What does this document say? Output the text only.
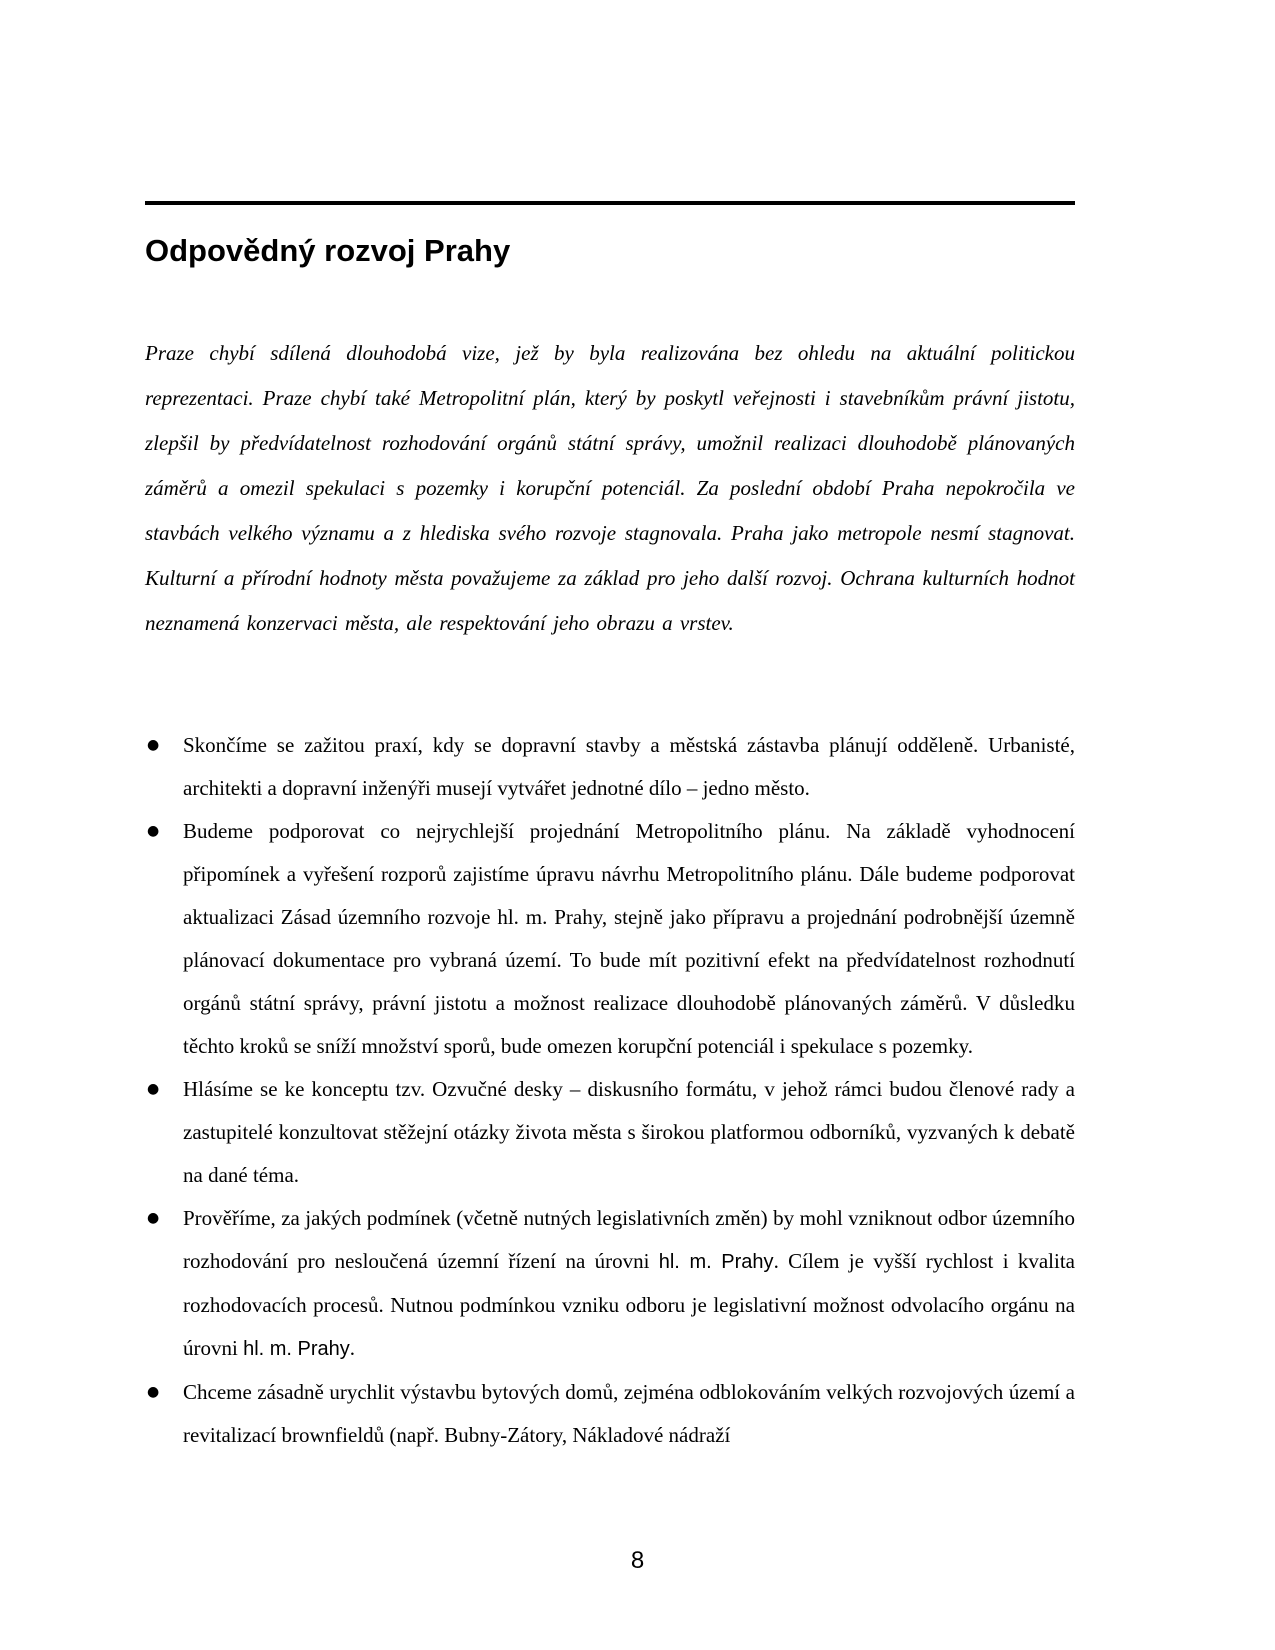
Odpovědný rozvoj Prahy

Praze chybí sdílená dlouhodobá vize, jež by byla realizována bez ohledu na aktuální politickou reprezentaci. Praze chybí také Metropolitní plán, který by poskytl veřejnosti i stavebníkům právní jistotu, zlepšil by předvídatelnost rozhodování orgánů státní správy, umožnil realizaci dlouhodobě plánovaných záměrů a omezil spekulaci s pozemky i korupční potenciál. Za poslední období Praha nepokročila ve stavbách velkého významu a z hlediska svého rozvoje stagnovala. Praha jako metropole nesmí stagnovat. Kulturní a přírodní hodnoty města považujeme za základ pro jeho další rozvoj. Ochrana kulturních hodnot neznamená konzervaci města, ale respektování jeho obrazu a vrstev.

● Skončíme se zažitou praxí, kdy se dopravní stavby a městská zástavba plánují odděleně. Urbanisté, architekti a dopravní inženýři musejí vytvářet jednotné dílo – jedno město.
● Budeme podporovat co nejrychlejší projednání Metropolitního plánu. Na základě vyhodnocení připomínek a vyřešení rozporů zajistíme úpravu návrhu Metropolitního plánu. Dále budeme podporovat aktualizaci Zásad územního rozvoje hl. m. Prahy, stejně jako přípravu a projednání podrobnější územně plánovací dokumentace pro vybraná území. To bude mít pozitivní efekt na předvídatelnost rozhodnutí orgánů státní správy, právní jistotu a možnost realizace dlouhodobě plánovaných záměrů. V důsledku těchto kroků se sníží množství sporů, bude omezen korupční potenciál i spekulace s pozemky.
● Hlásíme se ke konceptu tzv. Ozvučné desky – diskusního formátu, v jehož rámci budou členové rady a zastupitelé konzultovat stěžejní otázky života města s širokou platformou odborníků, vyzvaných k debatě na dané téma.
● Prověříme, za jakých podmínek (včetně nutných legislativních změn) by mohl vzniknout odbor územního rozhodování pro nesloučená územní řízení na úrovni hl. m. Prahy. Cílem je vyšší rychlost i kvalita rozhodovacích procesů. Nutnou podmínkou vzniku odboru je legislativní možnost odvolacího orgánu na úrovni hl. m. Prahy.
● Chceme zásadně urychlit výstavbu bytových domů, zejména odblokováním velkých rozvojových území a revitalizací brownfieldů (např. Bubny-Zátory, Nákladové nádraží
8
